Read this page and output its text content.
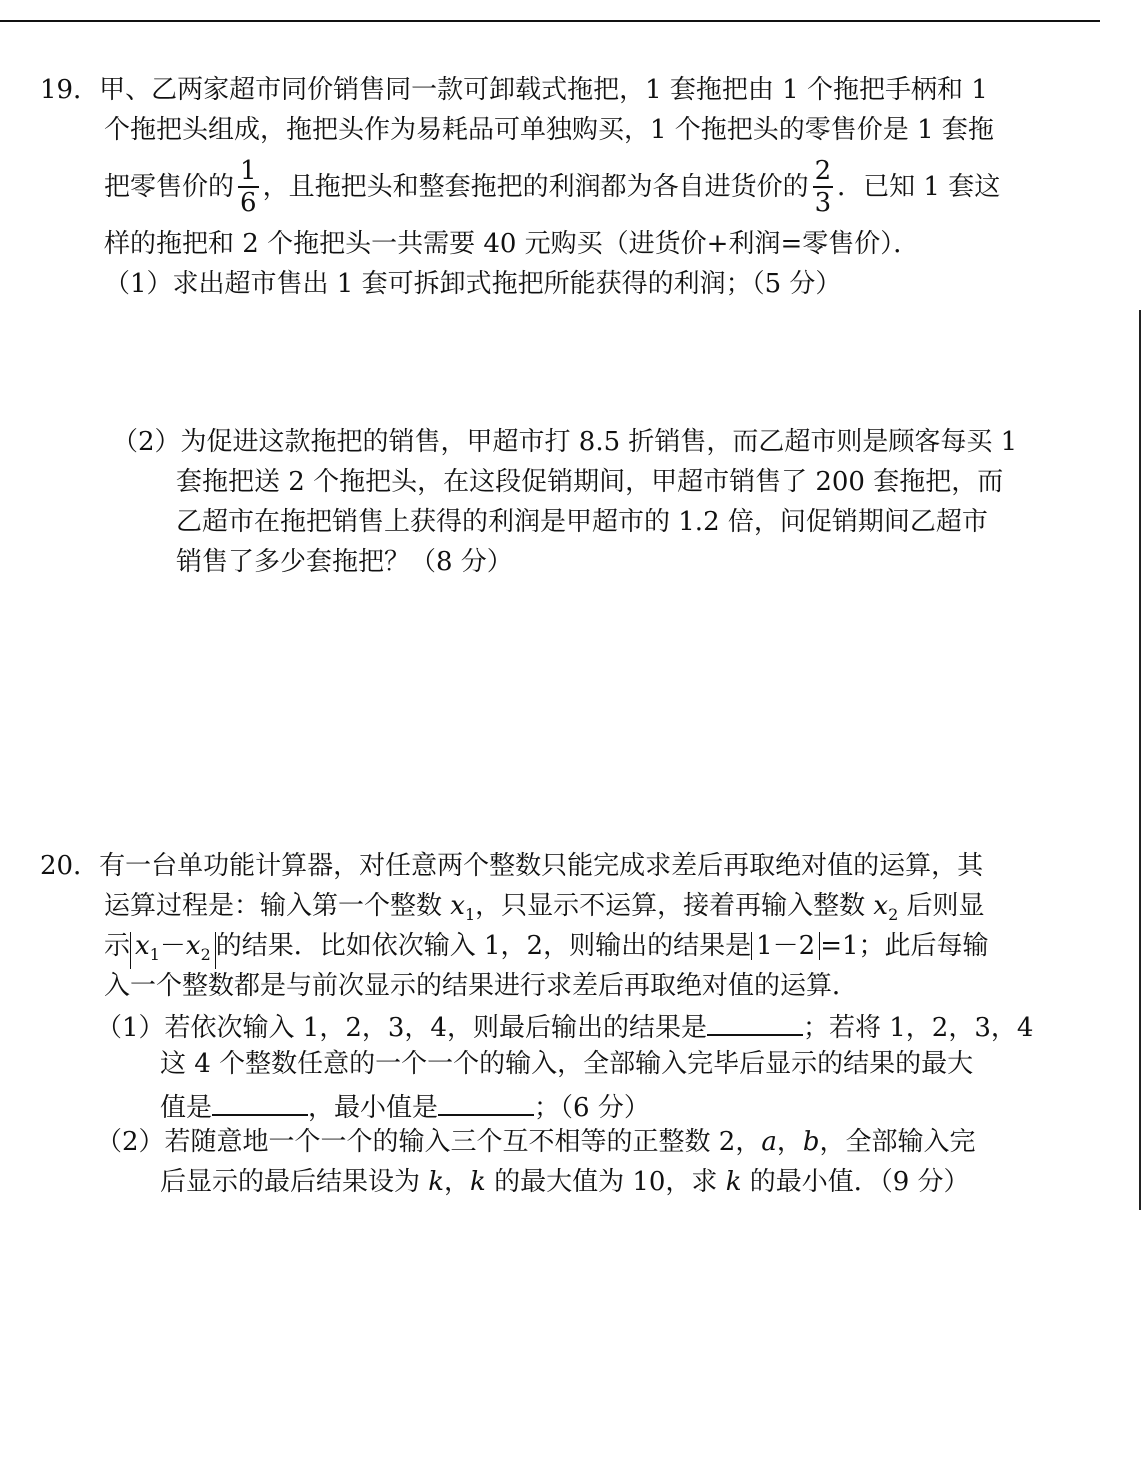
19．甲、乙两家超市同价销售同一款可卸载式拖把，1 套拖把由 1 个拖把手柄和 1
个拖把头组成，拖把头作为易耗品可单独购买，1 个拖把头的零售价是 1 套拖
把零售价的 $\frac{1}{6}$ ，且拖把头和整套拖把的利润都为各自进货价的 $\frac{2}{3}$ ．已知 1 套这
样的拖把和 2 个拖把头一共需要 40 元购买（进货价+利润=零售价）．
（1）求出超市售出 1 套可拆卸式拖把所能获得的利润；（5 分）
（2）为促进这款拖把的销售，甲超市打 8.5 折销售，而乙超市则是顾客每买 1
套拖把送 2 个拖把头，在这段促销期间，甲超市销售了 200 套拖把，而
乙超市在拖把销售上获得的利润是甲超市的 1.2 倍，问促销期间乙超市
销售了多少套拖把？（8 分）
20．有一台单功能计算器，对任意两个整数只能完成求差后再取绝对值的运算，其
运算过程是：输入第一个整数 $x_1$，只显示不运算，接着再输入整数 $x_2$ 后则显
示 $x_1-x_2$ 的结果．比如依次输入 1，2，则输出的结果是 1－2 =1；此后每输
入一个整数都是与前次显示的结果进行求差后再取绝对值的运算．
（1）若依次输入 1，2，3，4，则最后输出的结果是	；若将 1，2，3，4
这 4 个整数任意的一个一个的输入，全部输入完毕后显示的结果的最大
值是	，最小值是	；（6 分）
（2）若随意地一个一个的输入三个互不相等的正整数 2，a，b，全部输入完
后显示的最后结果设为 k，k 的最大值为 10，求 k 的最小值．（9 分）
